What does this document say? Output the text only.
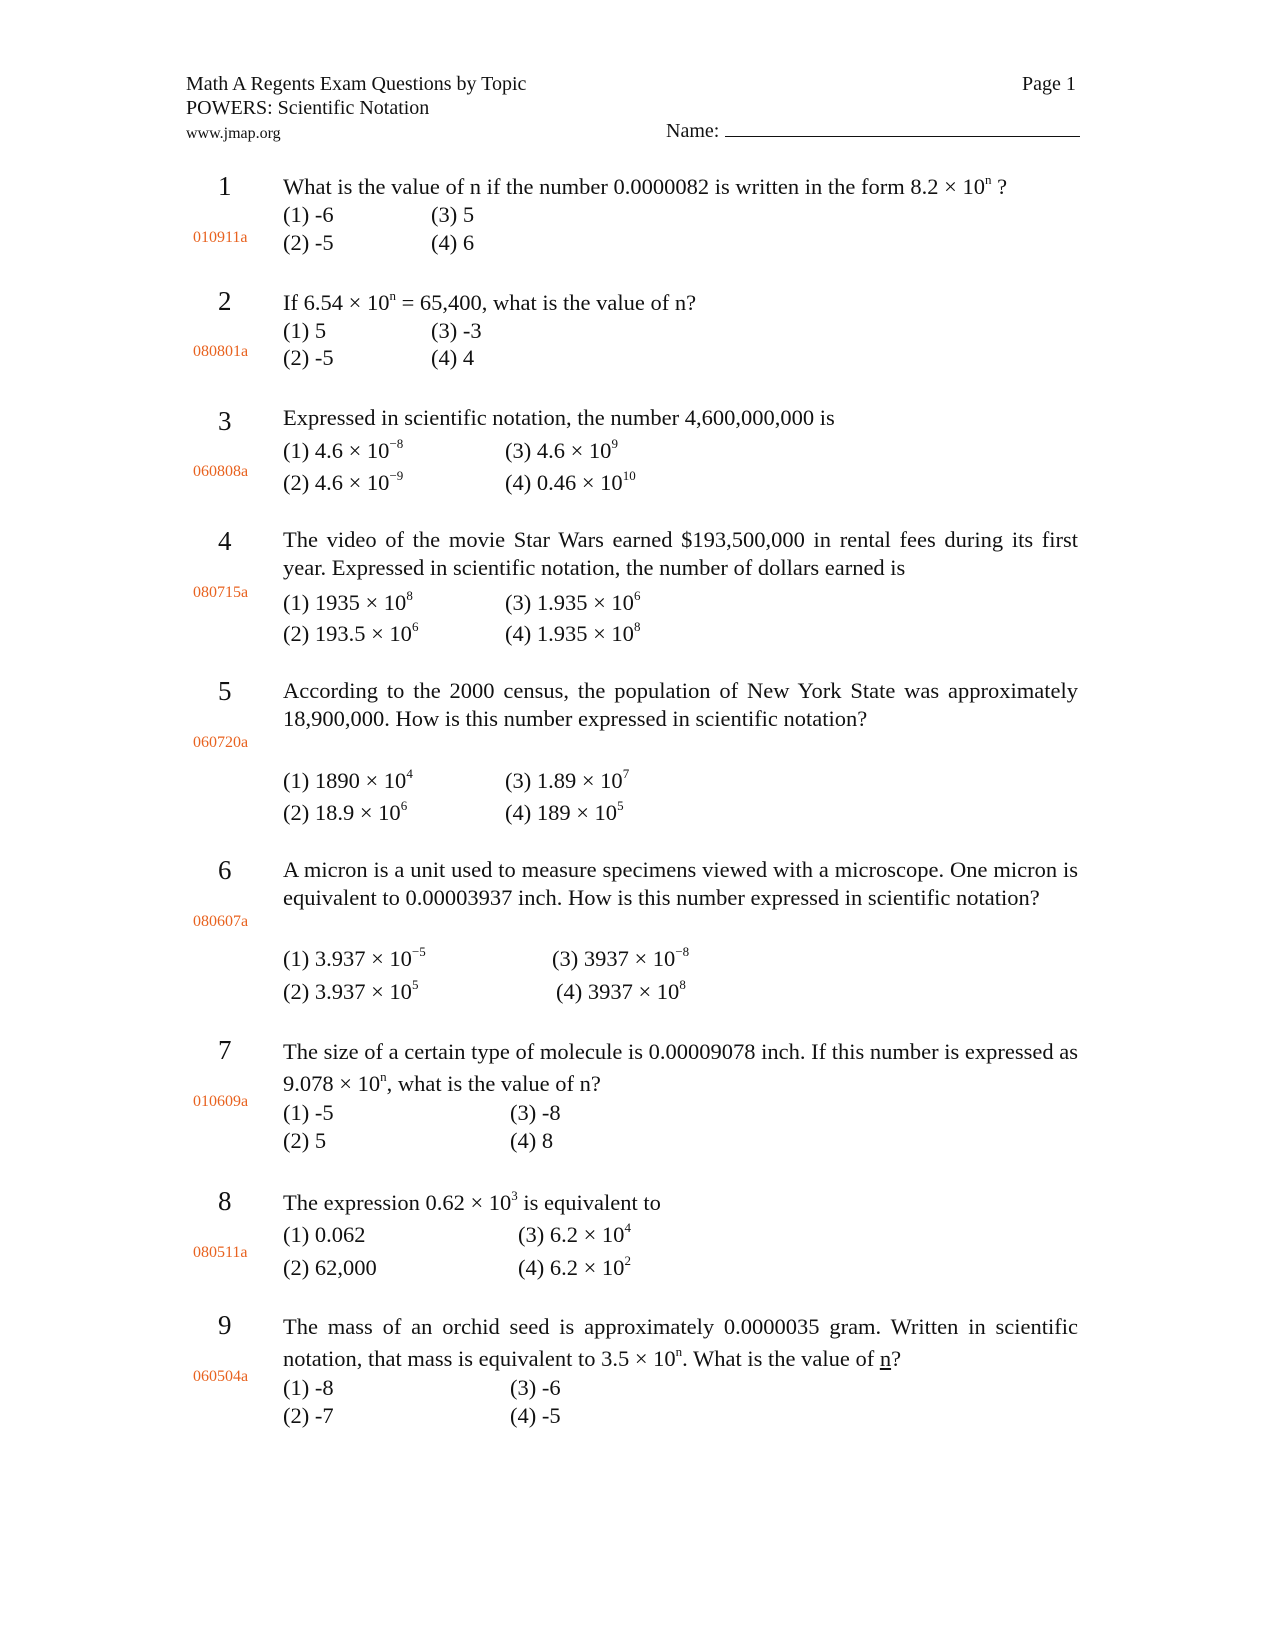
Math A Regents Exam Questions by Topic	Page 1
POWERS: Scientific Notation
www.jmap.org	Name:
1
010911a
What is the value of n if the number 0.0000082 is written in the form $8.2 \times 10^n$ ?
(1) -6	(3) 5
(2) -5	(4) 6
2
080801a
If $6.54 \times 10^n = 65,400$, what is the value of n?
(1) 5	(3) -3
(2) -5	(4) 4
3
060808a
Expressed in scientific notation, the number 4,600,000,000 is
(1) $4.6 \times 10^{-8}$	(3) $4.6 \times 10^9$
(2) $4.6 \times 10^{-9}$	(4) $0.46 \times 10^{10}$
4
080715a
The video of the movie Star Wars earned $193,500,000 in rental fees during its first year. Expressed in scientific notation, the number of dollars earned is
(1) $1935 \times 10^8$	(3) $1.935 \times 10^6$
(2) $193.5 \times 10^6$	(4) $1.935 \times 10^8$
5
060720a
According to the 2000 census, the population of New York State was approximately 18,900,000. How is this number expressed in scientific notation?
(1) $1890 \times 10^4$	(3) $1.89 \times 10^7$
(2) $18.9 \times 10^6$	(4) $189 \times 10^5$
6
080607a
A micron is a unit used to measure specimens viewed with a microscope. One micron is equivalent to 0.00003937 inch. How is this number expressed in scientific notation?
(1) $3.937 \times 10^{-5}$	(3) $3937 \times 10^{-8}$
(2) $3.937 \times 10^5$	(4) $3937 \times 10^8$
7
010609a
The size of a certain type of molecule is 0.00009078 inch. If this number is expressed as $9.078 \times 10^n$, what is the value of n?
(1) -5	(3) -8
(2) 5	(4) 8
8
080511a
The expression $0.62 \times 10^3$ is equivalent to
(1) 0.062	(3) $6.2 \times 10^4$
(2) 62,000	(4) $6.2 \times 10^2$
9
060504a
The mass of an orchid seed is approximately 0.0000035 gram. Written in scientific notation, that mass is equivalent to $3.5 \times 10^n$. What is the value of n?
(1) -8	(3) -6
(2) -7	(4) -5
